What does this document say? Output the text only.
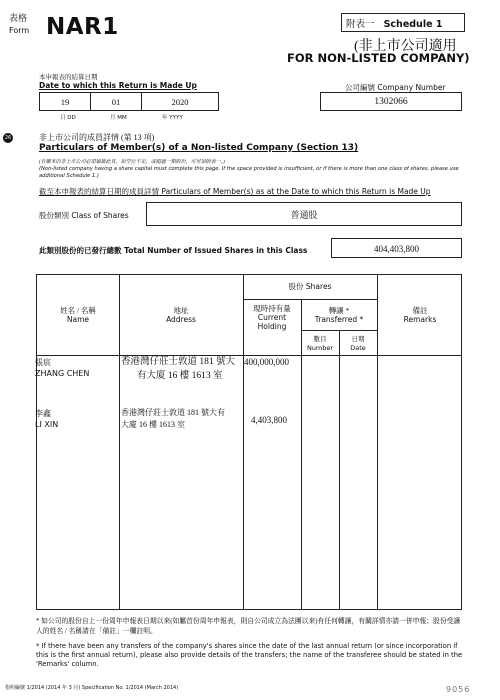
表格
Form NAR1	附表一 Schedule 1
(非上市公司適用
FOR NON-LISTED COMPANY)
本申報表的結算日期
Date to which this Return is Made Up
19	01	2020
日 DD	月 MM	年 YYYY
公司編號 Company Number
1302066
26	非上市公司的成員詳情 (第 13 項)
Particulars of Member(s) of a Non-listed Company (Section 13)
(有關本的非上市公司必須填報此頁，如空位不足，或超過一類股份，可另加附表一。)
(Non-listed company having a share capital must complete this page. If the space provided is insufficient, or if there is more than one class of shares, please use additional Schedule 1.)
截至本申報表的結算日期的成員詳情 Particulars of Member(s) as at the Date to which this Return is Made Up
股份類別 Class of Shares	普通股
此類別股份的已發行總數 Total Number of Issued Shares in this Class	404,403,800
姓名 / 名稱
Name
地址
Address
股份 Shares
現時持有量
Current
Holding
轉讓 *
Transferred *
數目
Number
日期
Date
備註
Remarks
張宸
ZHANG CHEN
香港灣仔莊士敦道 181 號大
有大廈 16 樓 1613 室
400,000,000
李鑫
LI XIN
香港灣仔莊士敦道 181 號大有
大廈 16 樓 1613 室	4,403,800
* 如公司的股份自上一份周年申報表日期以來(如屬首份周年申報表，則自公司成立為法團以來)有任何轉讓，有關詳情亦請一併申報；股份受讓人的姓名 / 名稱請在「備註」一欄註明。
* If there have been any transfers of the company's shares since the date of the last annual return (or since incorporation if this is the first annual return), please also provide details of the transfers; the name of the transferee should be stated in the 'Remarks' column.
指明編號 1/2014 (2014 年 3 月) Specification No. 1/2014 (March 2014)	9056
